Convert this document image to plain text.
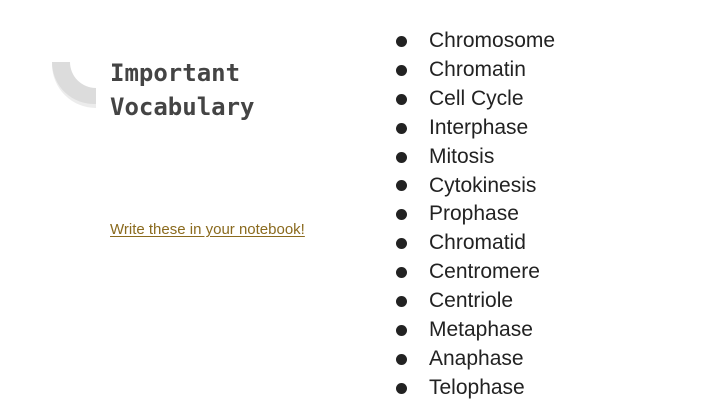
Important
Vocabulary
Write these in your notebook!
Chromosome
Chromatin
Cell Cycle
Interphase
Mitosis
Cytokinesis
Prophase
Chromatid
Centromere
Centriole
Metaphase
Anaphase
Telophase
